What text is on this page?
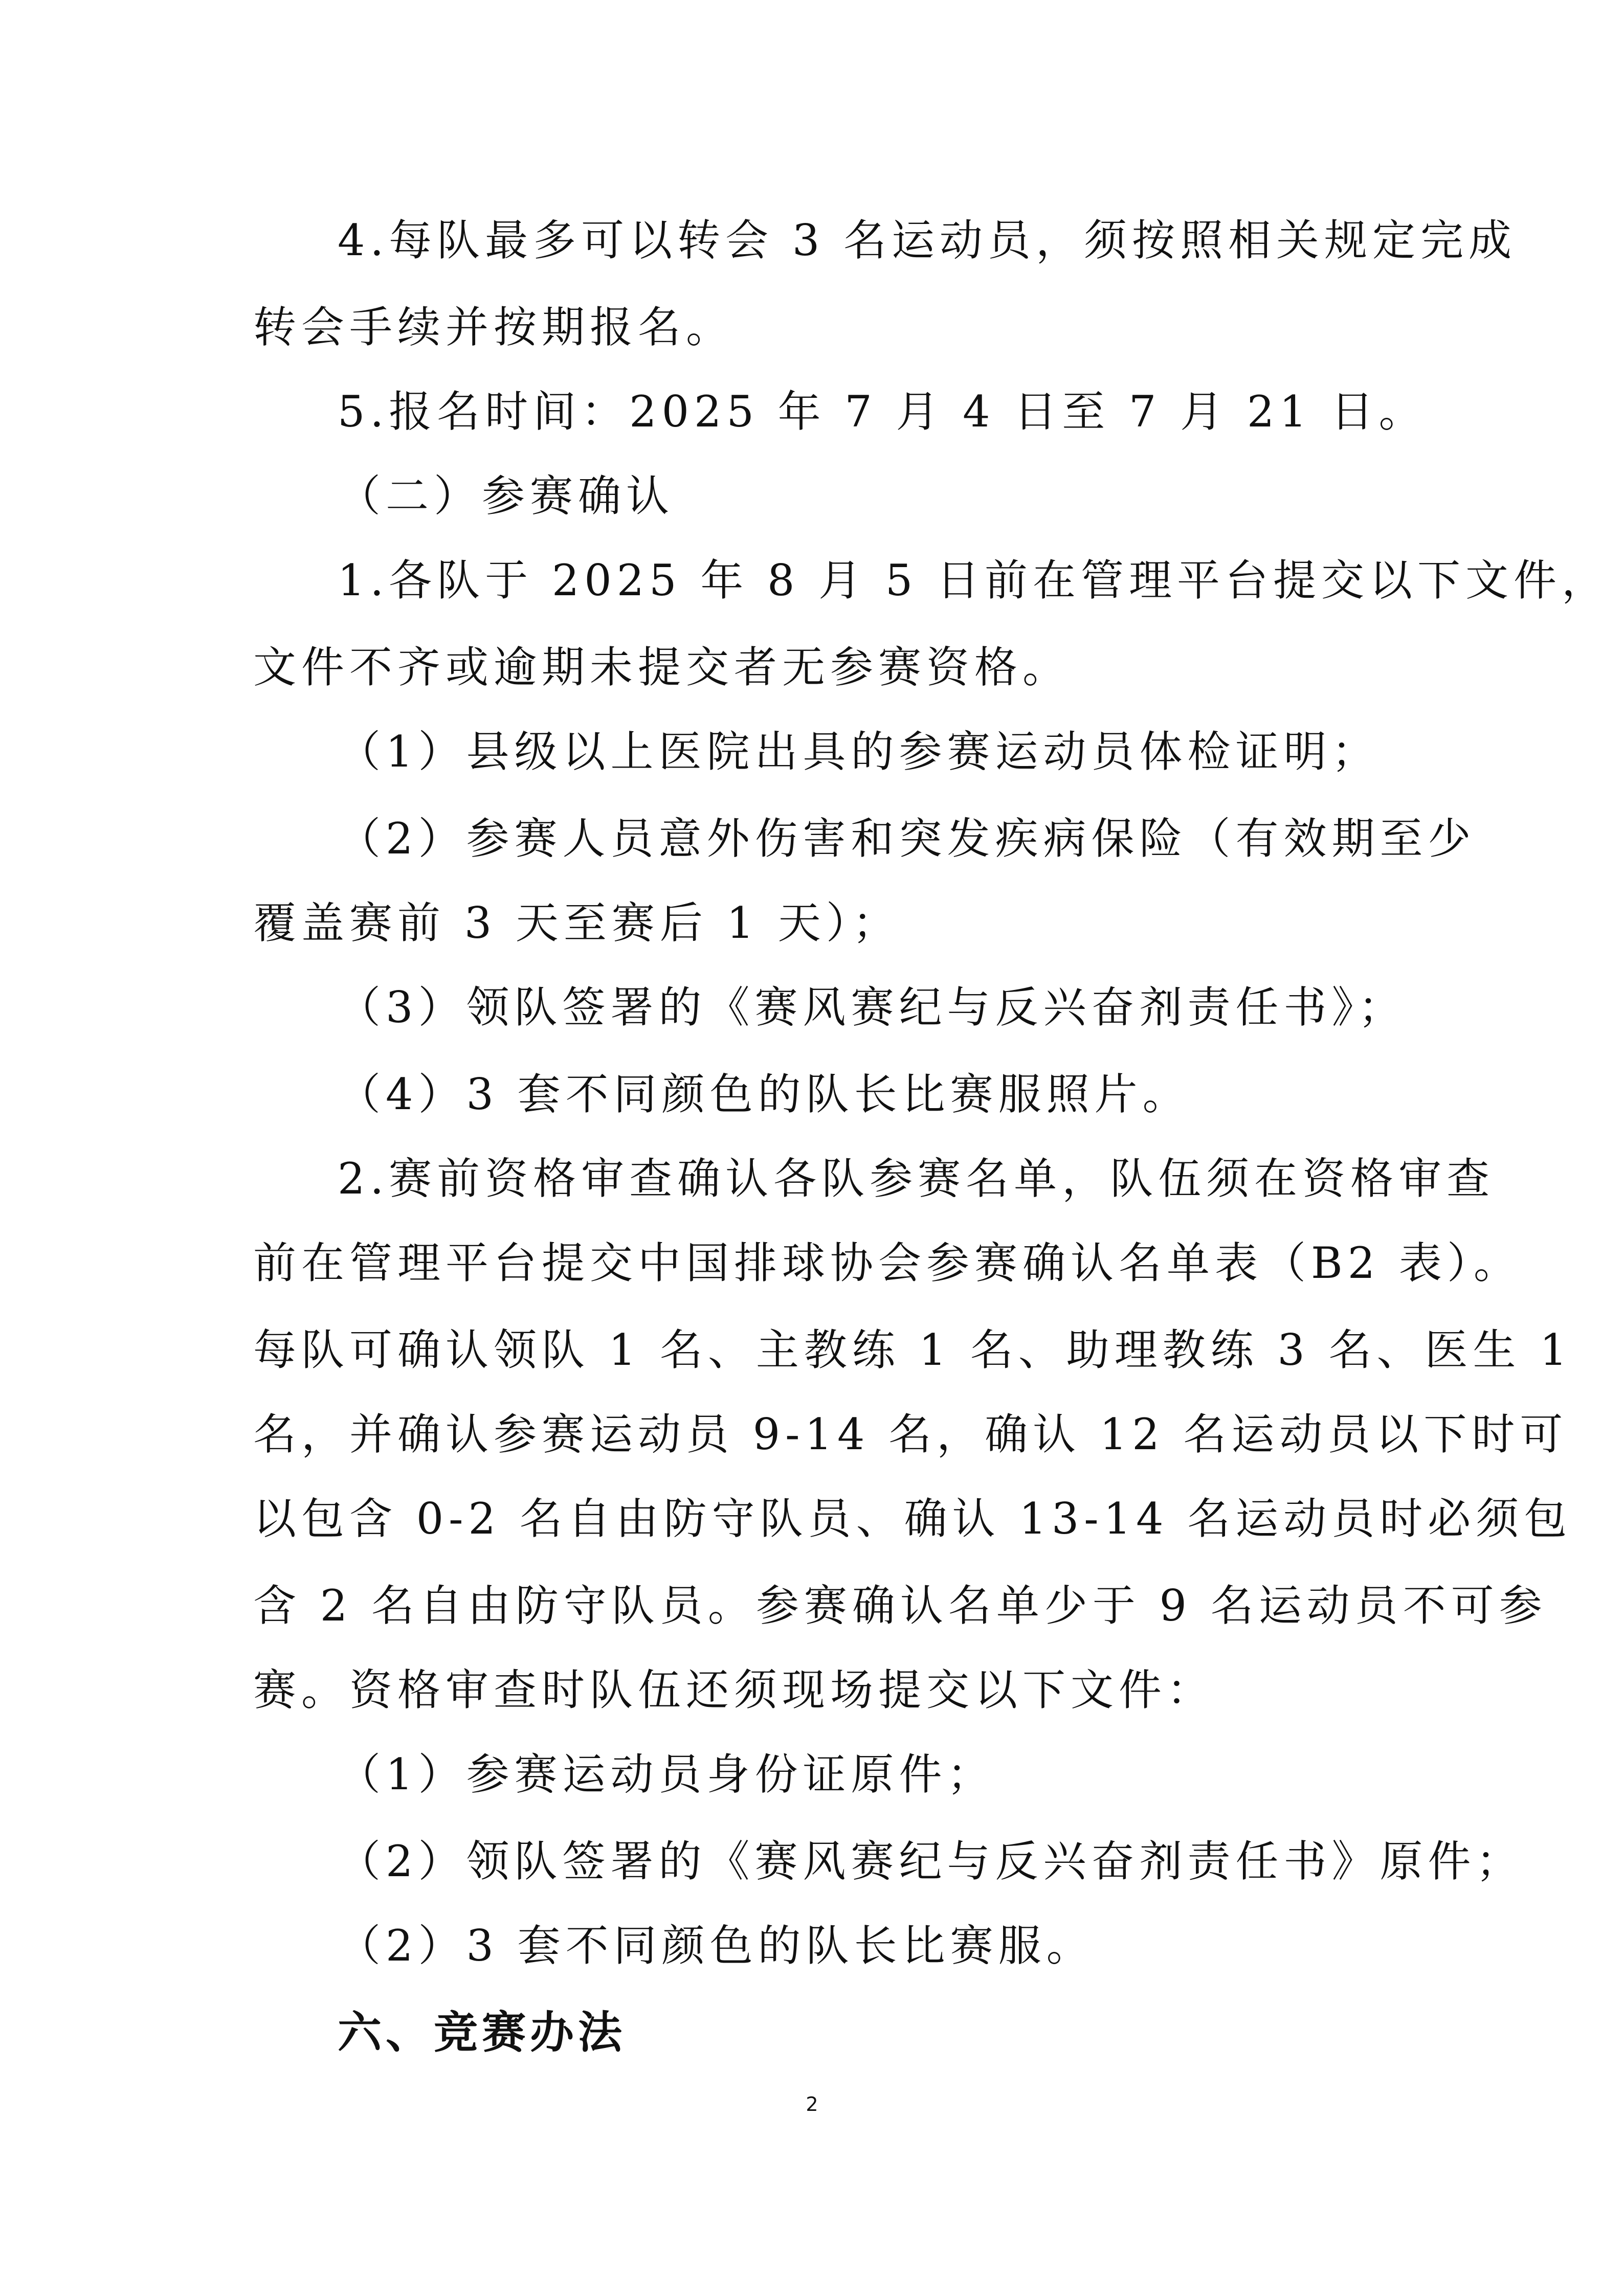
4.每队最多可以转会 3 名运动员，须按照相关规定完成
转会手续并按期报名。
5.报名时间：2025 年 7 月 4 日至 7 月 21 日。
（二）参赛确认
1.各队于 2025 年 8 月 5 日前在管理平台提交以下文件，
文件不齐或逾期未提交者无参赛资格。
（1）县级以上医院出具的参赛运动员体检证明；
（2）参赛人员意外伤害和突发疾病保险（有效期至少
覆盖赛前 3 天至赛后 1 天）；
（3）领队签署的《赛风赛纪与反兴奋剂责任书》；
（4）3 套不同颜色的队长比赛服照片。
2.赛前资格审查确认各队参赛名单，队伍须在资格审查
前在管理平台提交中国排球协会参赛确认名单表（B2 表）。
每队可确认领队 1 名、主教练 1 名、助理教练 3 名、医生 1
名，并确认参赛运动员 9-14 名，确认 12 名运动员以下时可
以包含 0-2 名自由防守队员、确认 13-14 名运动员时必须包
含 2 名自由防守队员。参赛确认名单少于 9 名运动员不可参
赛。资格审查时队伍还须现场提交以下文件：
（1）参赛运动员身份证原件；
（2）领队签署的《赛风赛纪与反兴奋剂责任书》原件；
（2）3 套不同颜色的队长比赛服。
六、竞赛办法
2
